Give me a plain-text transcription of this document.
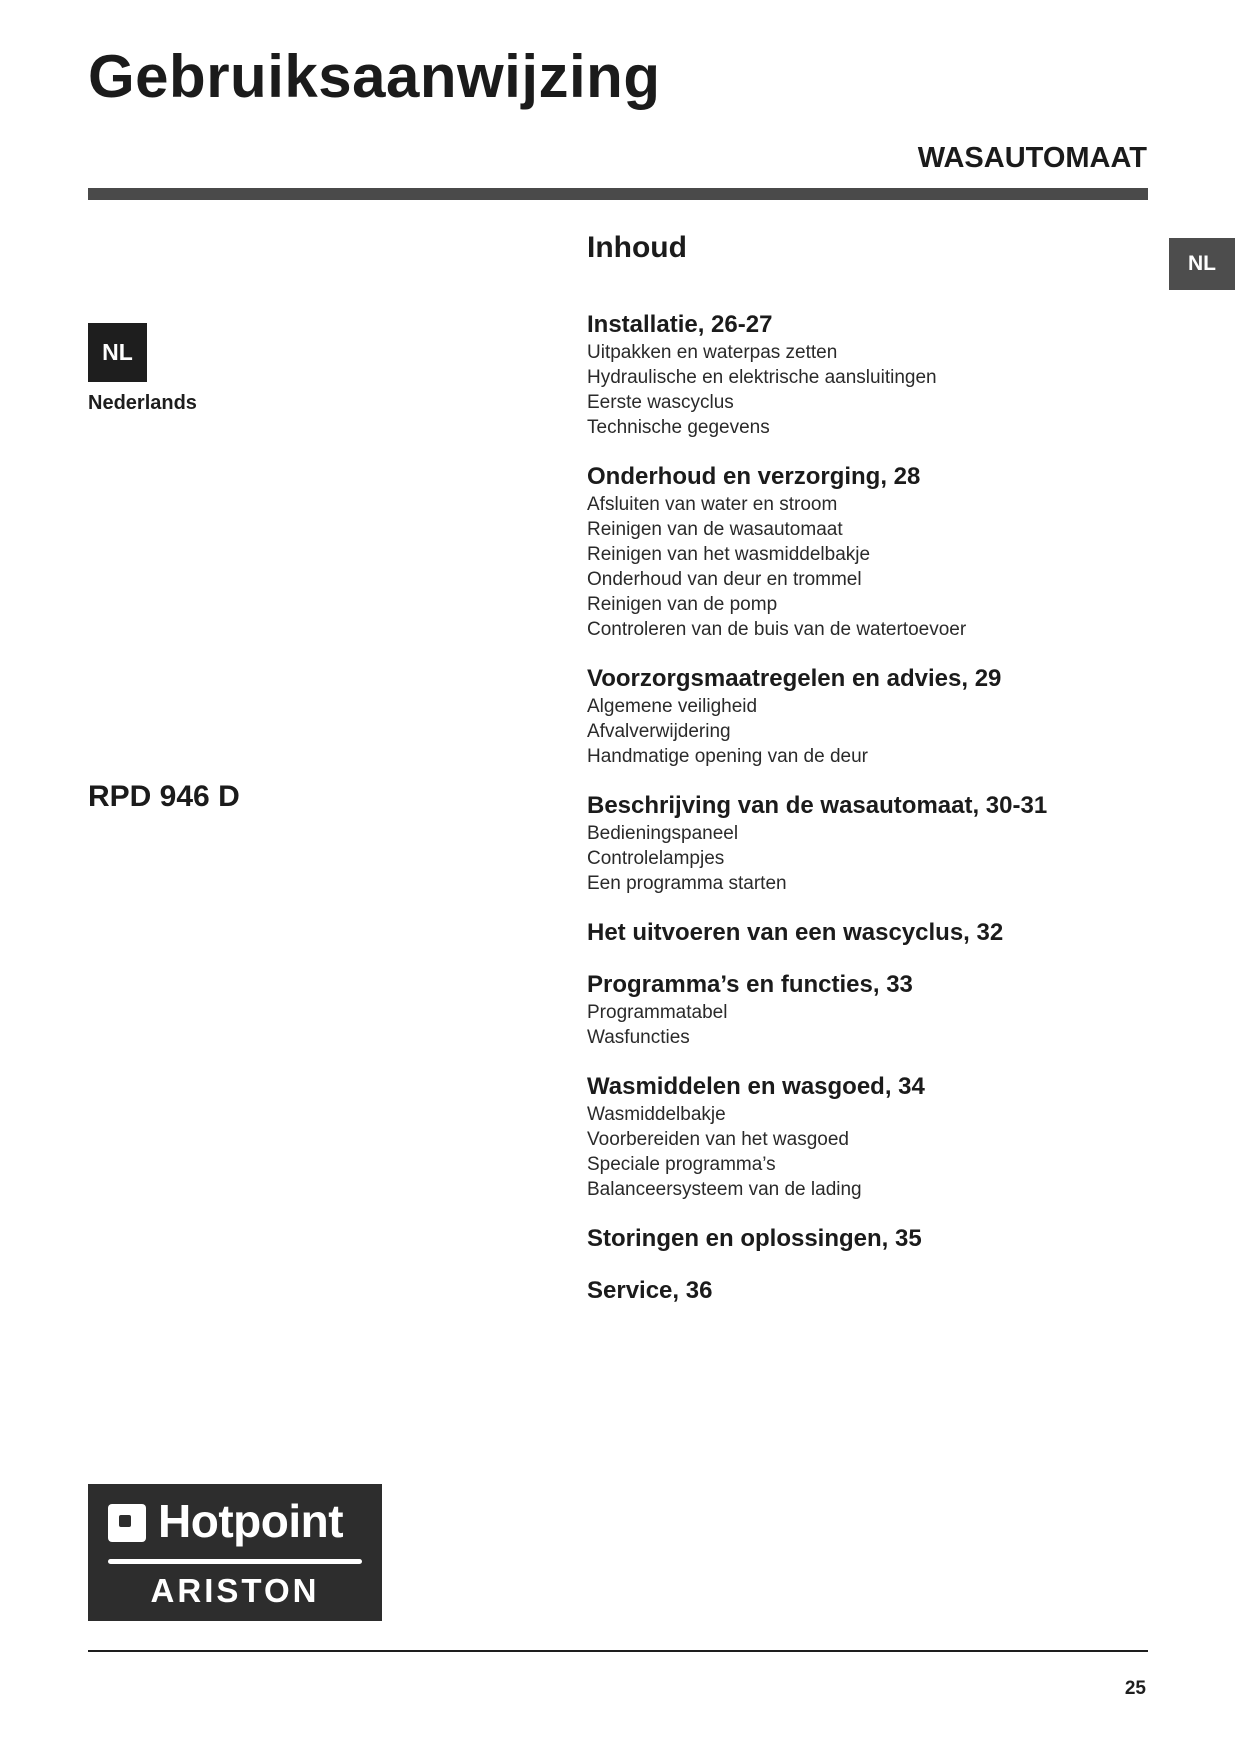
Gebruiksaanwijzing
WASAUTOMAAT
NL
NL
Nederlands
RPD 946 D
Inhoud
Installatie, 26-27
Uitpakken en waterpas zetten
Hydraulische en elektrische aansluitingen
Eerste wascyclus
Technische gegevens
Onderhoud en verzorging, 28
Afsluiten van water en stroom
Reinigen van de wasautomaat
Reinigen van het wasmiddelbakje
Onderhoud van deur en trommel
Reinigen van de pomp
Controleren van de buis van de watertoevoer
Voorzorgsmaatregelen en advies, 29
Algemene veiligheid
Afvalverwijdering
Handmatige opening van de deur
Beschrijving van de wasautomaat, 30-31
Bedieningspaneel
Controlelampjes
Een programma starten
Het uitvoeren van een wascyclus, 32
Programma’s en functies, 33
Programmatabel
Wasfuncties
Wasmiddelen en wasgoed, 34
Wasmiddelbakje
Voorbereiden van het wasgoed
Speciale programma’s
Balanceersysteem van de lading
Storingen en oplossingen, 35
Service, 36
Hotpoint
ARISTON
25
